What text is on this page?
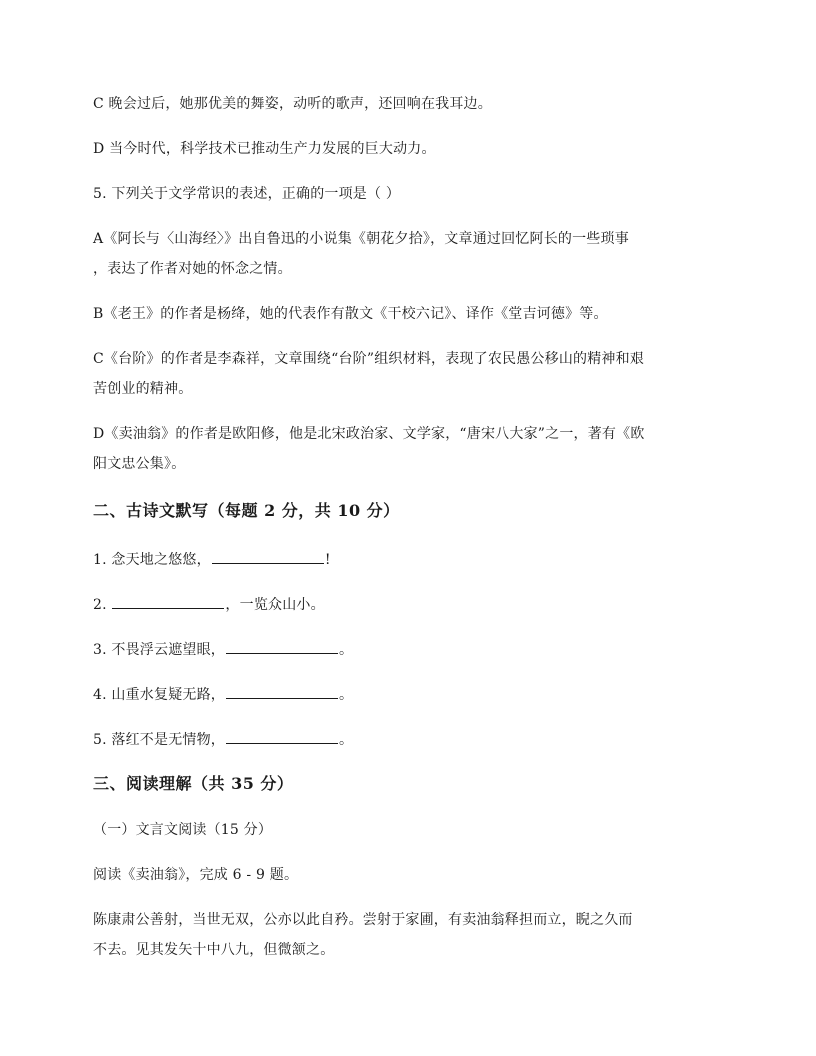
C 晚会过后，她那优美的舞姿，动听的歌声，还回响在我耳边。
D 当今时代，科学技术已推动生产力发展的巨大动力。
5. 下列关于文学常识的表述，正确的一项是（ ）
A《阿长与〈山海经〉》出自鲁迅的小说集《朝花夕拾》，文章通过回忆阿长的一些琐事
，表达了作者对她的怀念之情。
B《老王》的作者是杨绛，她的代表作有散文《干校六记》、译作《堂吉诃德》等。
C《台阶》的作者是李森祥，文章围绕“台阶”组织材料，表现了农民愚公移山的精神和艰
苦创业的精神。
D《卖油翁》的作者是欧阳修，他是北宋政治家、文学家，“唐宋八大家”之一，著有《欧
阳文忠公集》。
二、古诗文默写（每题 2 分，共 10 分）
1. 念天地之悠悠，	!
2.	，一览众山小。
3. 不畏浮云遮望眼，	。
4. 山重水复疑无路，	。
5. 落红不是无情物，	。
三、阅读理解（共 35 分）
（一）文言文阅读（15 分）
阅读《卖油翁》，完成 6 - 9 题。
陈康肃公善射，当世无双，公亦以此自矜。尝射于家圃，有卖油翁释担而立，睨之久而
不去。见其发矢十中八九，但微颔之。
